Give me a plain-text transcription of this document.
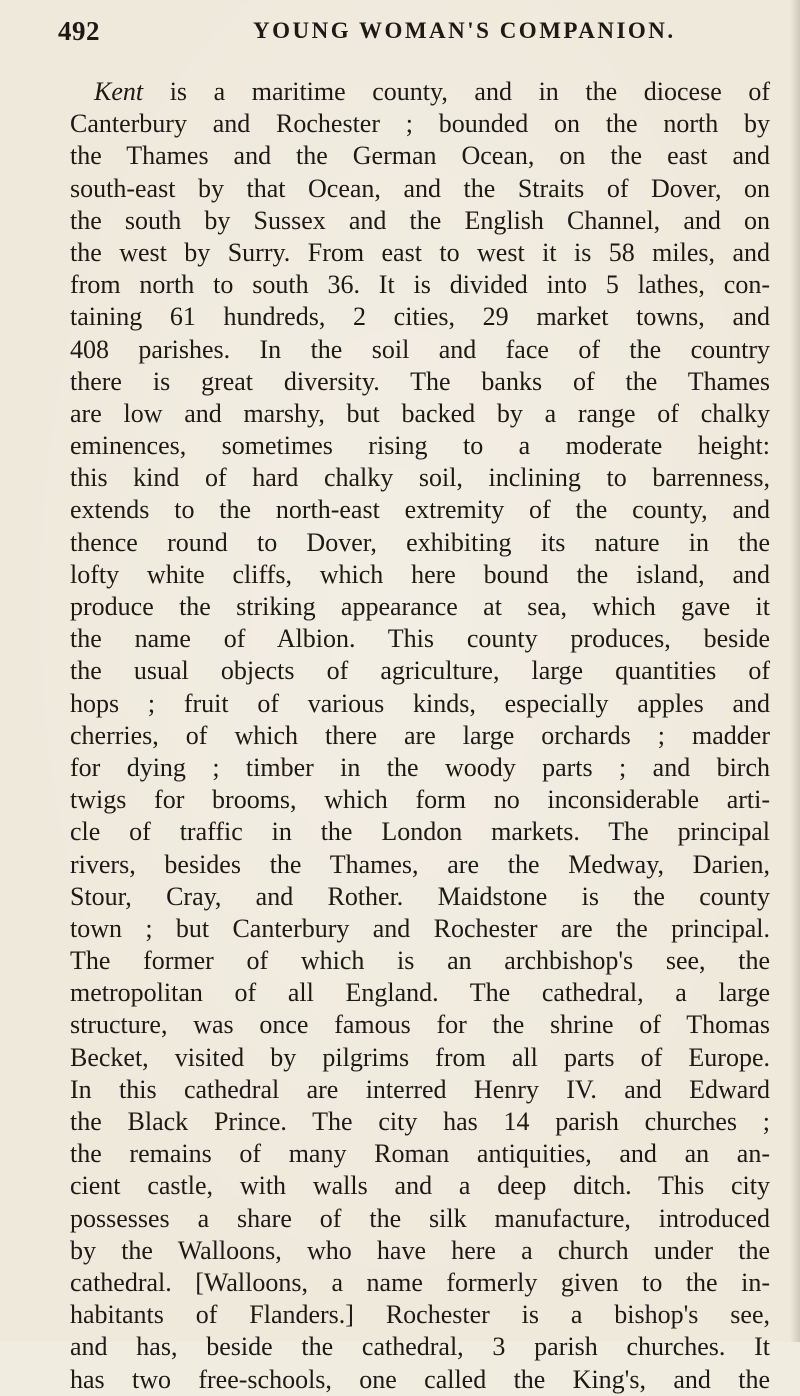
492	YOUNG WOMAN'S COMPANION.
Kent is a maritime county, and in the diocese of
Canterbury and Rochester ; bounded on the north by
the Thames and the German Ocean, on the east and
south-east by that Ocean, and the Straits of Dover, on
the south by Sussex and the English Channel, and on
the west by Surry. From east to west it is 58 miles, and
from north to south 36. It is divided into 5 lathes, con-
taining 61 hundreds, 2 cities, 29 market towns, and
408 parishes. In the soil and face of the country
there is great diversity. The banks of the Thames
are low and marshy, but backed by a range of chalky
eminences, sometimes rising to a moderate height:
this kind of hard chalky soil, inclining to barrenness,
extends to the north-east extremity of the county, and
thence round to Dover, exhibiting its nature in the
lofty white cliffs, which here bound the island, and
produce the striking appearance at sea, which gave it
the name of Albion. This county produces, beside
the usual objects of agriculture, large quantities of
hops ; fruit of various kinds, especially apples and
cherries, of which there are large orchards ; madder
for dying ; timber in the woody parts ; and birch
twigs for brooms, which form no inconsiderable arti-
cle of traffic in the London markets. The principal
rivers, besides the Thames, are the Medway, Darien,
Stour, Cray, and Rother. Maidstone is the county
town ; but Canterbury and Rochester are the principal.
The former of which is an archbishop's see, the
metropolitan of all England. The cathedral, a large
structure, was once famous for the shrine of Thomas
Becket, visited by pilgrims from all parts of Europe.
In this cathedral are interred Henry IV. and Edward
the Black Prince. The city has 14 parish churches ;
the remains of many Roman antiquities, and an an-
cient castle, with walls and a deep ditch. This city
possesses a share of the silk manufacture, introduced
by the Walloons, who have here a church under the
cathedral. [Walloons, a name formerly given to the in-
habitants of Flanders.] Rochester is a bishop's see,
and has, beside the cathedral, 3 parish churches. It
has two free-schools, one called the King's, and the
